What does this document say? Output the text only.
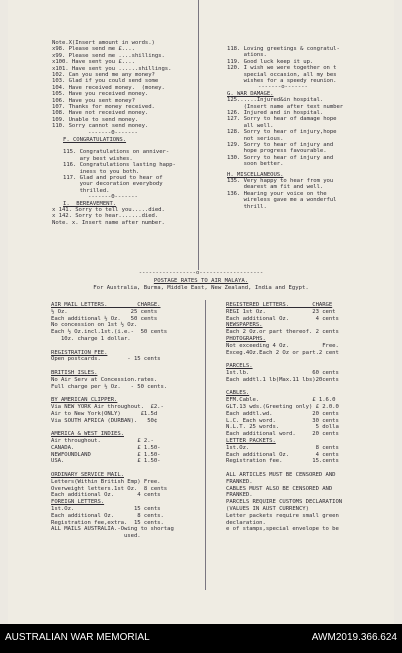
Note.X(Insert amount in words.)
x98. Please send me £....
x99. Please send me ....shillings.
x100. Have sent you £....
x101. Have sent you ......shillings.
102. Can you send me any money?
103. Glad if you could send some
104. Have received money.  (money.
105. Have you received money.
106. Have you sent money?
107. Thanks for money received.
108. Have not received money.
109. Unable to send money.
110. Sorry cannot send money.
-------0-------
F. CONGRATULATIONS.
115. Congratulations on anniver-
ary best wishes.
116. Congratulations lasting happ-
iness to you both.
117. Glad and proud to hear of
your decoration everybody
thrilled.
-------0-------
I.  BEREAVEMENT.
x 141. Sorry to tell you.....died.
x 142. Sorry to hear.......died.
Note. x. Insert name after number.
118. Loving greetings & congratul-
ations.
119. Good luck keep it up.
120. I wish we were together on t
special occasion, all my bes
wishes for a speedy reunion.
-------o-------
G. WAR DAMAGE.
125......Injured&in hospital.
(Insert name after text number
126. Injured and in hospital.
127. Sorry to hear of damage hope
all well.
128. Sorry to hear of injury,hope
not serious.
129. Sorry to hear of injury and
hope progress favourable.
130. Sorry to hear of injury and
soon better.
H. MISCELLANEOUS.
135. Very happy to hear from you
dearest am fit and well.
136. Hearing your voice on the
wireless gave me a wonderful
thrill.
-----------------o-------------------
POSTAGE RATES TO AIR MALAYA.
For Australia, Burma, Middle East, New Zealand, India and Egypt.
AIR MAIL LETTERS.         CHARGE.
½ Oz.                   25 cents
Each additional ½ Oz.   50 cents
No concession on 1st ½ Oz.
Each ½ Oz.incl.1st.(i.e.-  50 cents
10z. charge 1 dollar.
REGISTRATION FEE.
Open postcards.        - 15 cents
BRITISH ISLES.
No Air Serv at Concession.rates.
Full charge per ½ Oz.   - 50 cents.
BY AMERICAN CLIPPER.
Via NEW YORK Air throughout.  £2.-
Air to New York(ONLY)      £1.5d
Via SOUTH AFRICA (DURBAN).   50¢
AMERICA & WEST INDIES.
Air throughout.           £ 2.-
CANADA.                   £ 1.50-
NEWFOUNDLAND              £ 1.50-
USA.                      £ 1.50-
ORDINARY SERVICE MAIL.
Letters(Within British Emp) Free.
Overweight letters.1st Oz.  8 cents
Each additional Oz.       4 cents
FOREIGN LETTERS.
1st.Oz.                  15 cents
Each additional Oz.       8 cents.
Registration fee,extra.  15 cents.
ALL MAILS AUSTRALIA.-Owing to shortag
used.
REGISTERED LETTERS.       CHARGE
REGI 1st Oz.              23 cent
Each additional Oz.        4 cents
NEWSPAPERS.
Each 2 Oz.or part thereof. 2 cents
PHOTOGRAPHS.
Not exceeding 4 Oz.          Free.
Exceg.4Oz.Each 2 Oz or part.2 cent
PARCELS.
1st.lb.                   60 cents
Each addtl.1 lb(Max.11 lbs)20cents
CABLES.
EFM.Cable.                £ 1.6.0
GLT.13 wds.(Greeting only) £ 2.0.0
Each addtl.wd.            20 cents
L.C. Each word.           30 cents
N.L.T. 25 words.           5 dolla
Each additional word.     20 cents
LETTER PACKETS.
1st.Oz.                    8 cents
Each additional Oz.        4 cents
Registration fee.         15.cents
ALL ARTICLES MUST BE CENSORED AND
FRANKED.
CABLES MUST ALSO BE CENSORED AND
FRANKED.
PARCELS REQUIRE CUSTOMS DECLARATION
(VALUES IN AUST CURRENCY)
Letter packets require small green
declaration.
e of stamps,special envelope to be
AUSTRALIAN WAR MEMORIAL	AWM2019.366.624
